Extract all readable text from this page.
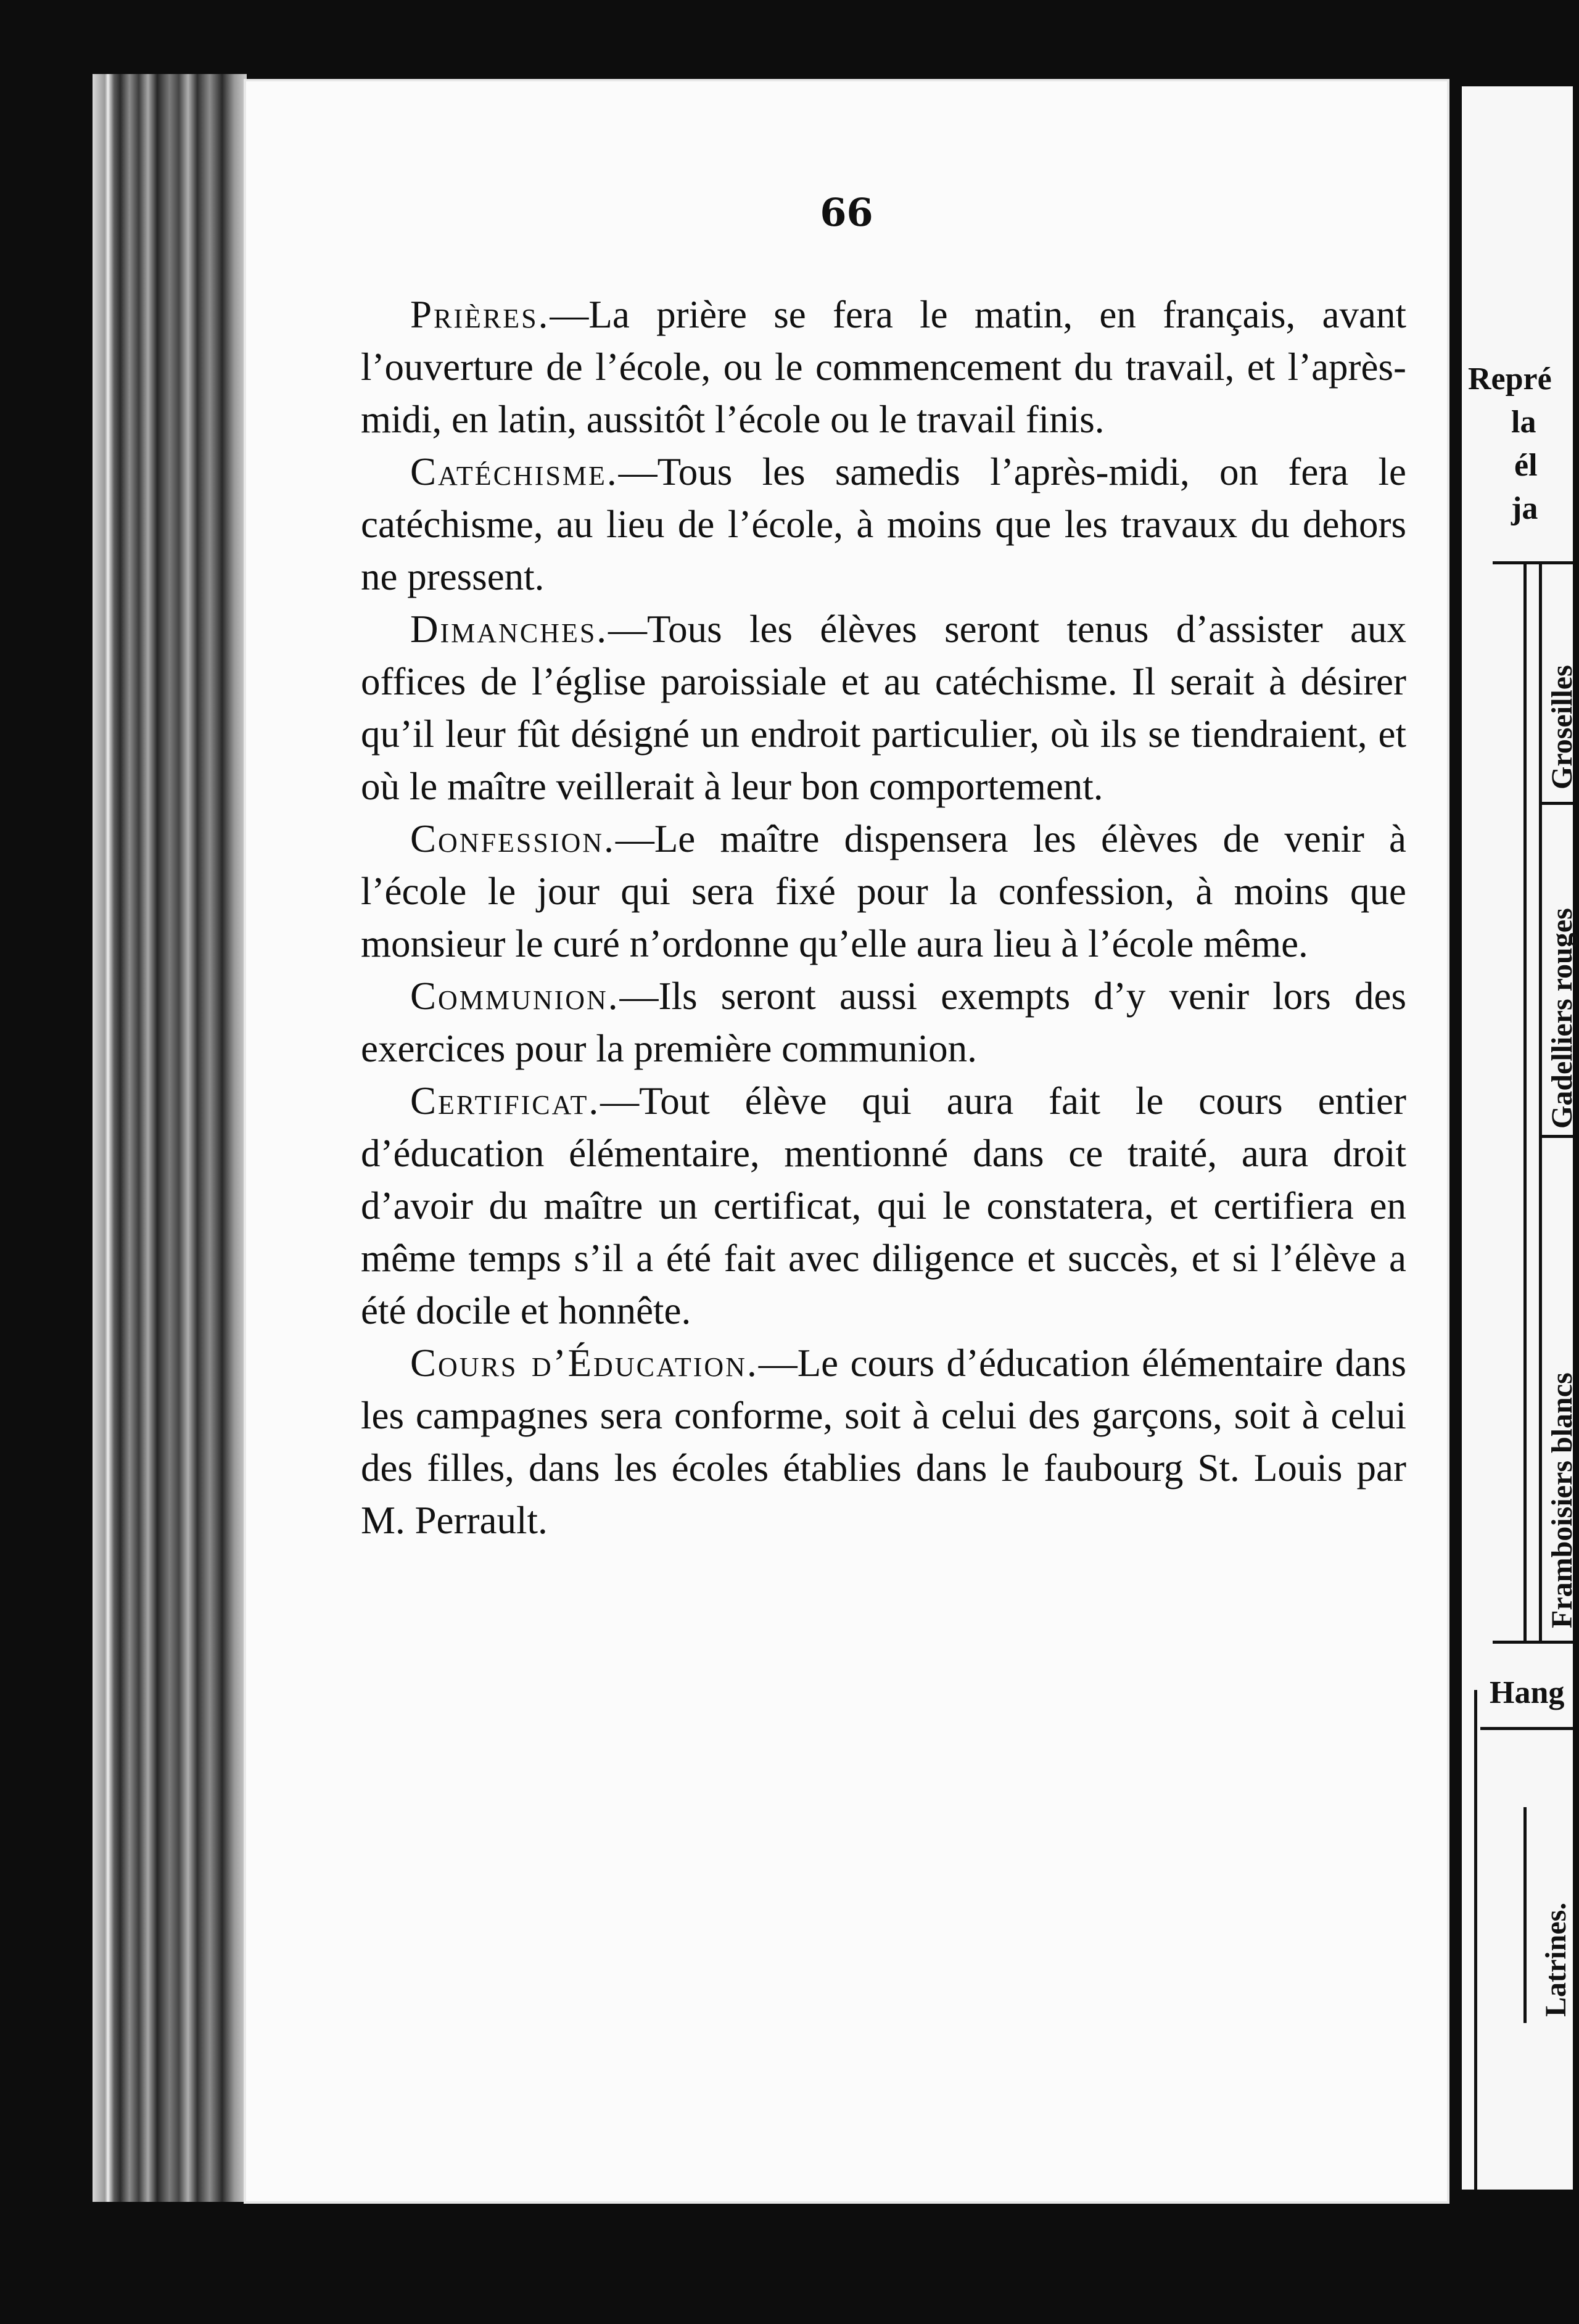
66

Prières.—La prière se fera le matin, en français, avant l’ouverture de l’école, ou le commencement du travail, et l’après-midi, en latin, aussitôt l’école ou le travail finis.

Catéchisme.—Tous les samedis l’après-midi, on fera le catéchisme, au lieu de l’école, à moins que les travaux du dehors ne pressent.

Dimanches.—Tous les élèves seront tenus d’assister aux offices de l’église paroissiale et au catéchisme. Il serait à désirer qu’il leur fût désigné un endroit particulier, où ils se tiendraient, et où le maître veillerait à leur bon comportement.

Confession.—Le maître dispensera les élèves de venir à l’école le jour qui sera fixé pour la confession, à moins que monsieur le curé n’ordonne qu’elle aura lieu à l’école même.

Communion.—Ils seront aussi exempts d’y venir lors des exercices pour la première communion.

Certificat.—Tout élève qui aura fait le cours entier d’éducation élémentaire, mentionné dans ce traité, aura droit d’avoir du maître un certificat, qui le constatera, et certifiera en même temps s’il a été fait avec diligence et succès, et si l’élève a été docile et honnête.

Cours d’Éducation.—Le cours d’éducation élémentaire dans les campagnes sera conforme, soit à celui des garçons, soit à celui des filles, dans les écoles établies dans le faubourg St. Louis par M. Perrault.

Repré
la
él
ja
Groseilles
Gadelliers rouges
Framboisiers blancs
Hang
Latrines.
